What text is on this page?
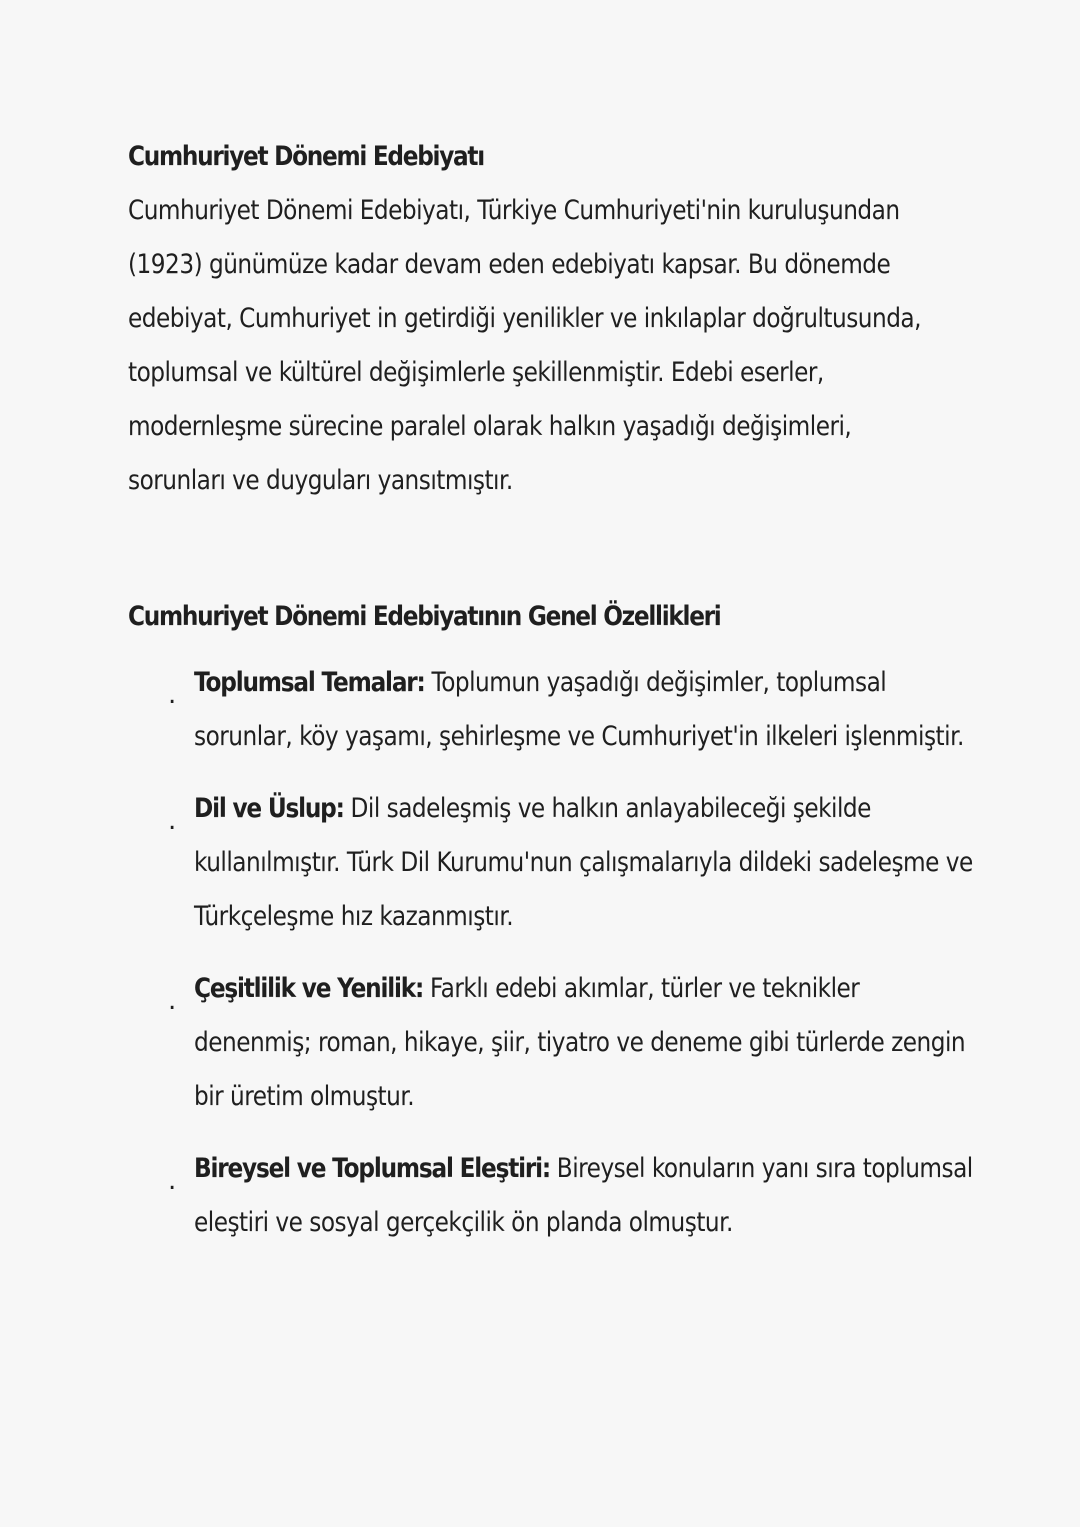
Cumhuriyet Dönemi Edebiyatı

Cumhuriyet Dönemi Edebiyatı, Türkiye Cumhuriyeti'nin kuruluşundan (1923) günümüze kadar devam eden edebiyatı kapsar. Bu dönemde edebiyat, Cumhuriyet in getirdiği yenilikler ve inkılaplar doğrultusunda, toplumsal ve kültürel değişimlerle şekillenmiştir. Edebi eserler, modernleşme sürecine paralel olarak halkın yaşadığı değişimleri, sorunları ve duyguları yansıtmıştır.

Cumhuriyet Dönemi Edebiyatının Genel Özellikleri
. Toplumsal Temalar: Toplumun yaşadığı değişimler, toplumsal sorunlar, köy yaşamı, şehirleşme ve Cumhuriyet'in ilkeleri işlenmiştir.
. Dil ve Üslup: Dil sadeleşmiş ve halkın anlayabileceği şekilde kullanılmıştır. Türk Dil Kurumu'nun çalışmalarıyla dildeki sadeleşme ve Türkçeleşme hız kazanmıştır.
. Çeşitlilik ve Yenilik: Farklı edebi akımlar, türler ve teknikler denenmiş; roman, hikaye, şiir, tiyatro ve deneme gibi türlerde zengin bir üretim olmuştur.
. Bireysel ve Toplumsal Eleştiri: Bireysel konuların yanı sıra toplumsal eleştiri ve sosyal gerçekçilik ön planda olmuştur.
